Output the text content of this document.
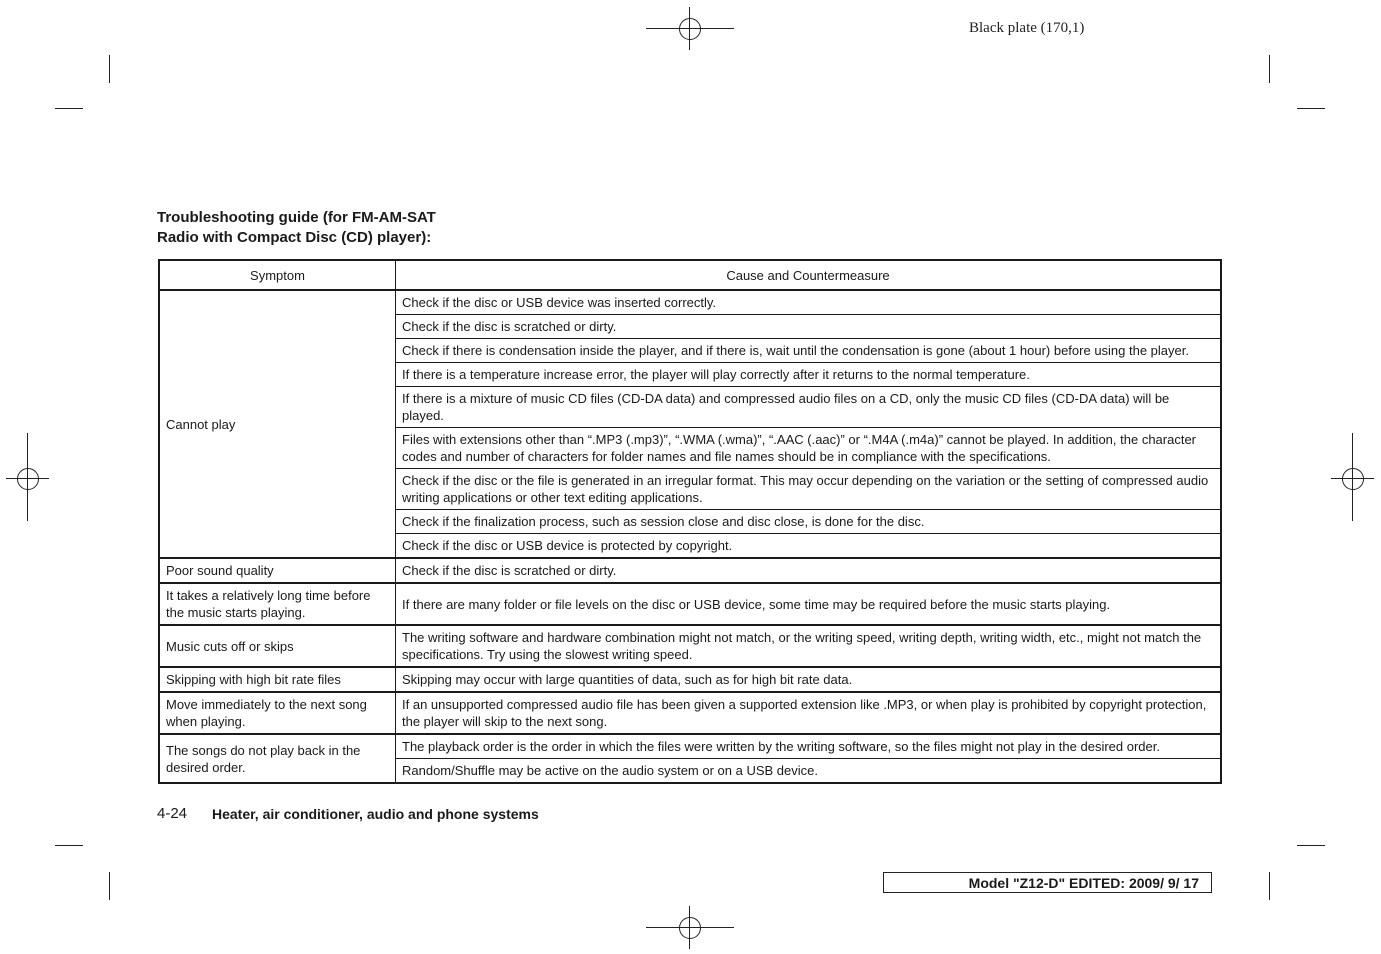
Black plate (170,1)
Troubleshooting guide (for FM-AM-SAT
Radio with Compact Disc (CD) player):
Symptom	Cause and Countermeasure
Cannot play	Check if the disc or USB device was inserted correctly.
	Check if the disc is scratched or dirty.
	Check if there is condensation inside the player, and if there is, wait until the condensation is gone (about 1 hour) before using the player.
	If there is a temperature increase error, the player will play correctly after it returns to the normal temperature.
	If there is a mixture of music CD files (CD-DA data) and compressed audio files on a CD, only the music CD files (CD-DA data) will be played.
	Files with extensions other than “.MP3 (.mp3)”, “.WMA (.wma)”, “.AAC (.aac)” or “.M4A (.m4a)” cannot be played. In addition, the character codes and number of characters for folder names and file names should be in compliance with the specifications.
	Check if the disc or the file is generated in an irregular format. This may occur depending on the variation or the setting of compressed audio writing applications or other text editing applications.
	Check if the finalization process, such as session close and disc close, is done for the disc.
	Check if the disc or USB device is protected by copyright.
Poor sound quality	Check if the disc is scratched or dirty.
It takes a relatively long time before the music starts playing.	If there are many folder or file levels on the disc or USB device, some time may be required before the music starts playing.
Music cuts off or skips	The writing software and hardware combination might not match, or the writing speed, writing depth, writing width, etc., might not match the specifications. Try using the slowest writing speed.
Skipping with high bit rate files	Skipping may occur with large quantities of data, such as for high bit rate data.
Move immediately to the next song when playing.	If an unsupported compressed audio file has been given a supported extension like .MP3, or when play is prohibited by copyright protection, the player will skip to the next song.
The songs do not play back in the desired order.	The playback order is the order in which the files were written by the writing software, so the files might not play in the desired order.
	Random/Shuffle may be active on the audio system or on a USB device.
4-24 Heater, air conditioner, audio and phone systems
Model "Z12-D" EDITED: 2009/ 9/ 17
